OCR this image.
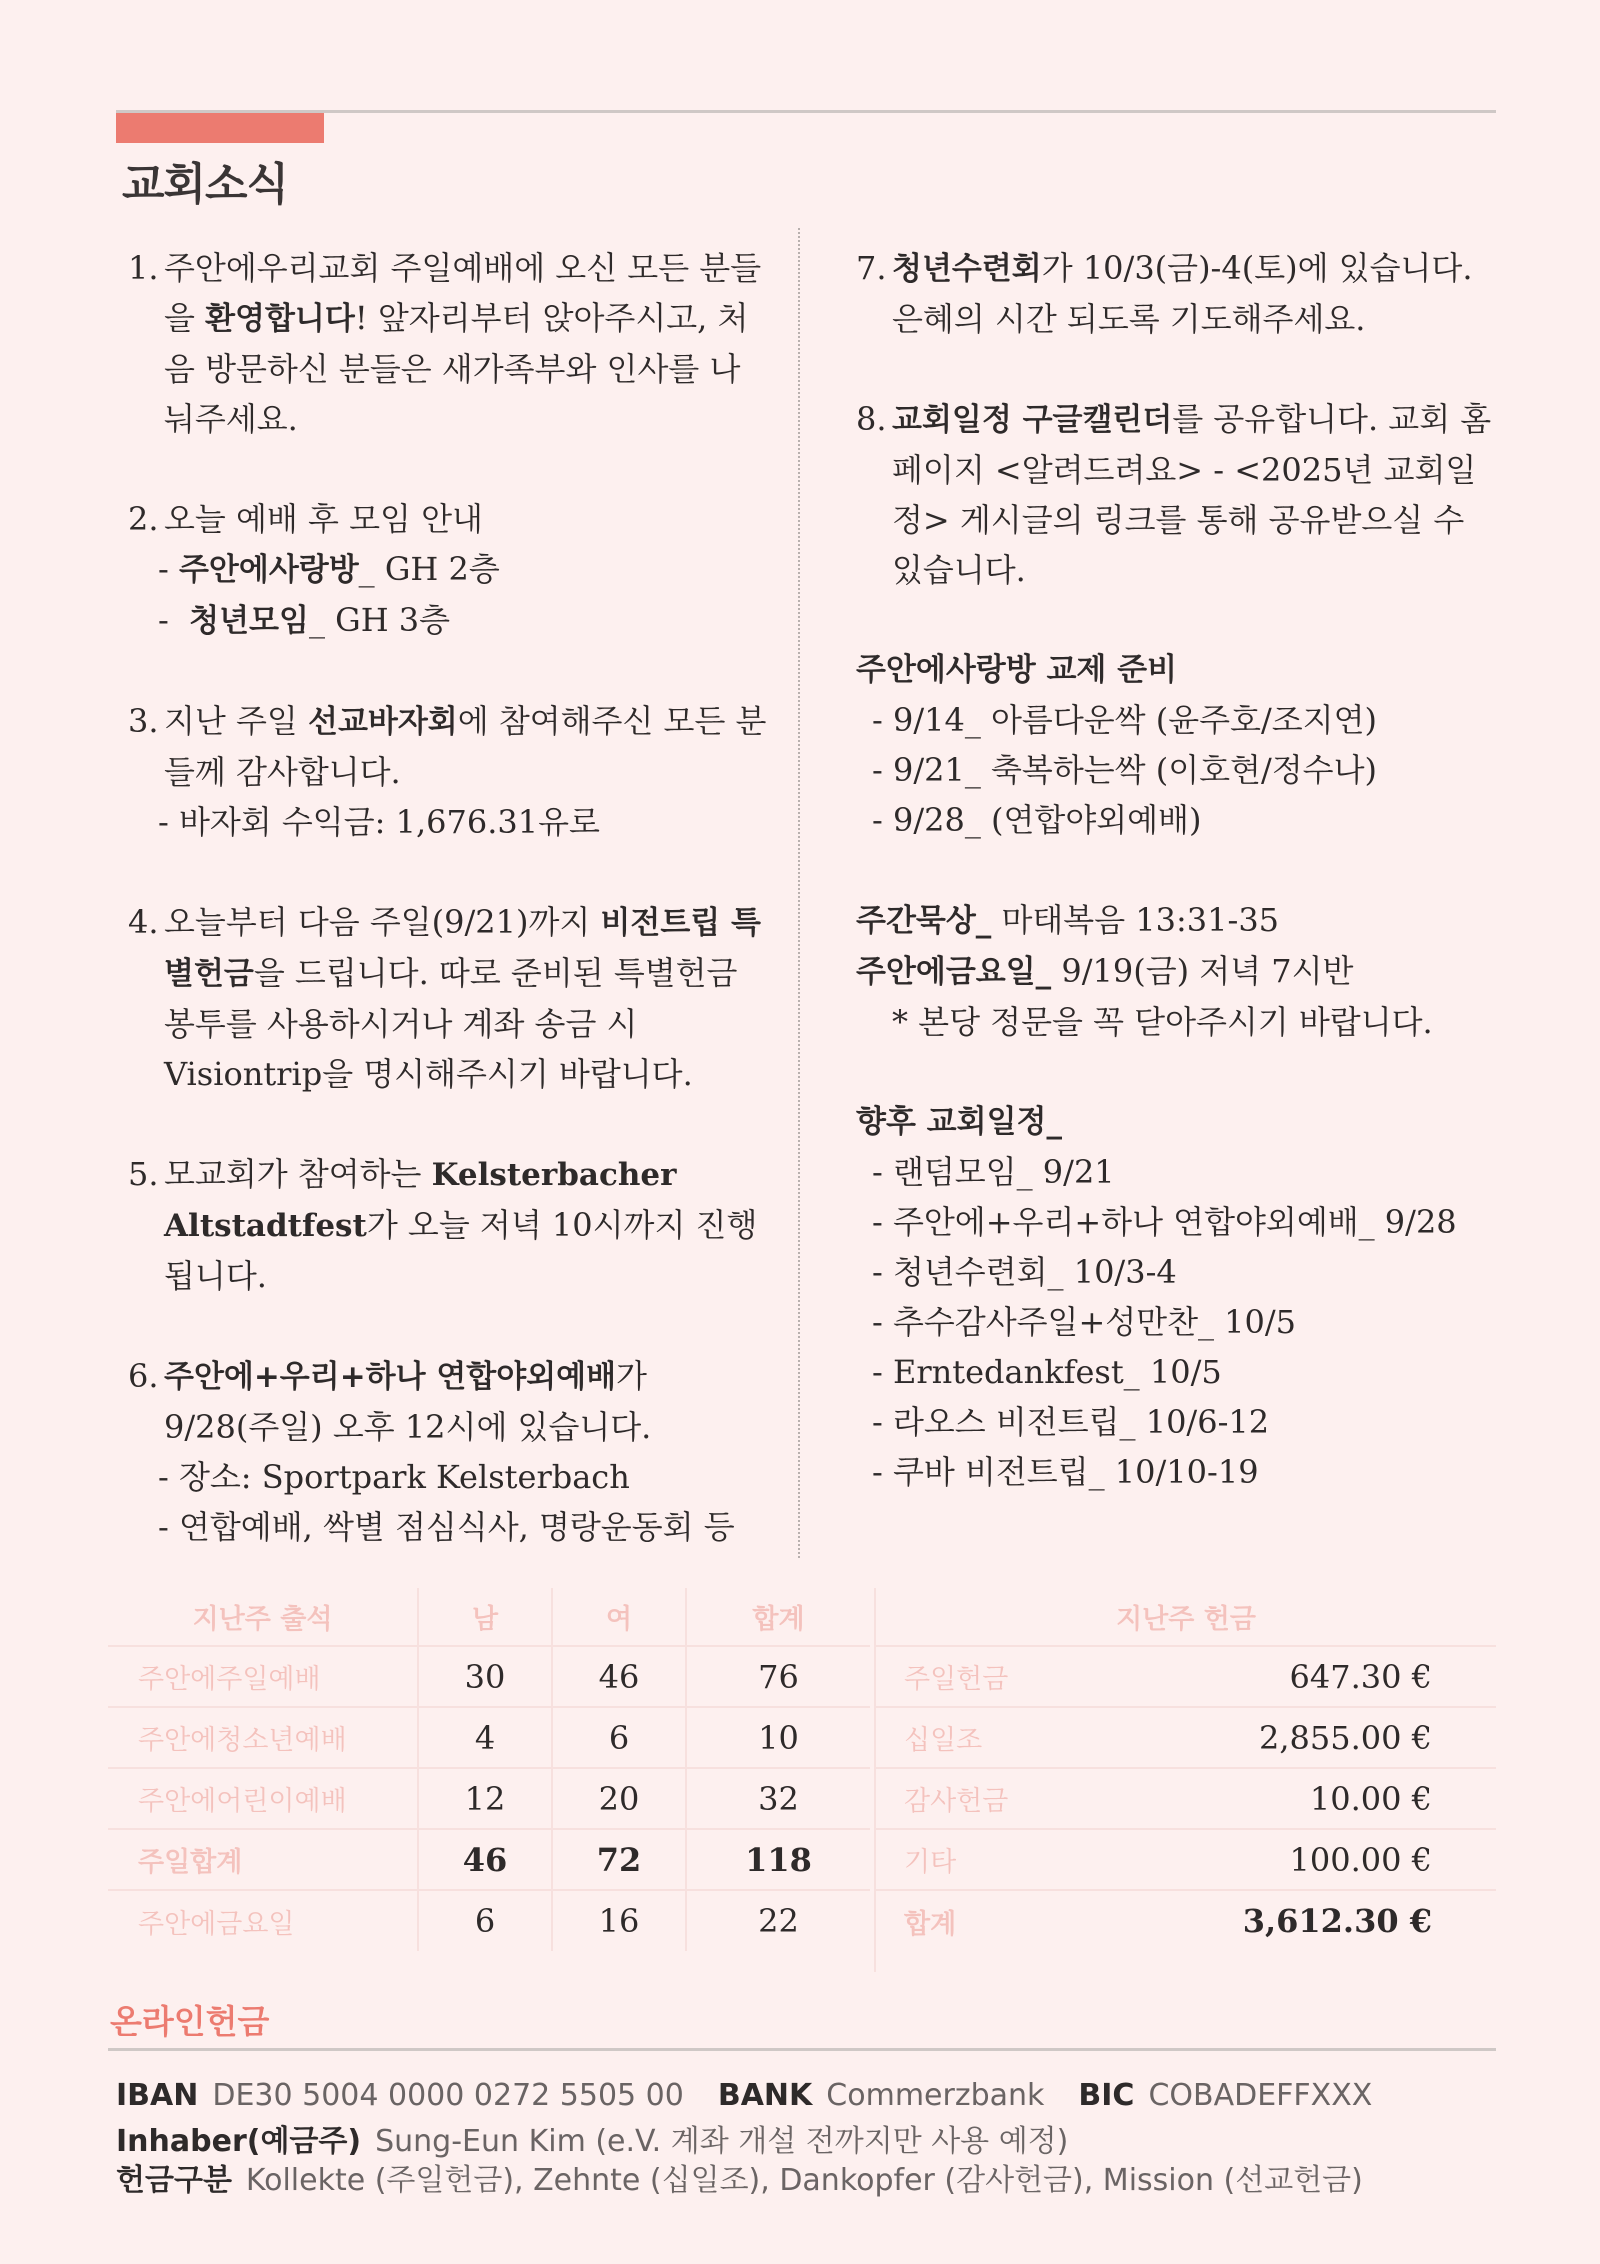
교회소식
1. 주안에우리교회 주일예배에 오신 모든 분들을 환영합니다! 앞자리부터 앉아주시고, 처음 방문하신 분들은 새가족부와 인사를 나눠주세요.
2. 오늘 예배 후 모임 안내
- 주안에사랑방_ GH 2층
-  청년모임_ GH 3층
3. 지난 주일 선교바자회에 참여해주신 모든 분들께 감사합니다.
- 바자회 수익금: 1,676.31유로
4. 오늘부터 다음 주일(9/21)까지 비전트립 특별헌금을 드립니다. 따로 준비된 특별헌금 봉투를 사용하시거나 계좌 송금 시 Visiontrip을 명시해주시기 바랍니다.
5. 모교회가 참여하는 Kelsterbacher Altstadtfest가 오늘 저녁 10시까지 진행됩니다.
6. 주안에+우리+하나 연합야외예배가 9/28(주일) 오후 12시에 있습니다.
- 장소: Sportpark Kelsterbach
- 연합예배, 싹별 점심식사, 명랑운동회 등
7. 청년수련회가 10/3(금)-4(토)에 있습니다. 은혜의 시간 되도록 기도해주세요.
8. 교회일정 구글캘린더를 공유합니다. 교회 홈페이지 <알려드려요> - <2025년 교회일정> 게시글의 링크를 통해 공유받으실 수 있습니다.
주안에사랑방 교제 준비
- 9/14_ 아름다운싹 (윤주호/조지연)
- 9/21_ 축복하는싹 (이호현/정수나)
- 9/28_ (연합야외예배)
주간묵상_ 마태복음 13:31-35
주안에금요일_ 9/19(금) 저녁 7시반
* 본당 정문을 꼭 닫아주시기 바랍니다.
향후 교회일정_
- 랜덤모임_ 9/21
- 주안에+우리+하나 연합야외예배_ 9/28
- 청년수련회_ 10/3-4
- 추수감사주일+성만찬_ 10/5
- Erntedankfest_ 10/5
- 라오스 비전트립_ 10/6-12
- 쿠바 비전트립_ 10/10-19
지난주 출석	남	여	합계
주안에주일예배	30	46	76
주안에청소년예배	4	6	10
주안에어린이예배	12	20	32
주일합계	46	72	118
주안에금요일	6	16	22
지난주 헌금	
주일헌금	647.30 €
십일조	2,855.00 €
감사헌금	10.00 €
기타	100.00 €
합계	3,612.30 €
온라인헌금
IBAN DE30 5004 0000 0272 5505 00 BANK Commerzbank BIC COBADEFFXXX
Inhaber(예금주) Sung-Eun Kim (e.V. 계좌 개설 전까지만 사용 예정)
헌금구분 Kollekte (주일헌금), Zehnte (십일조), Dankopfer (감사헌금), Mission (선교헌금)
